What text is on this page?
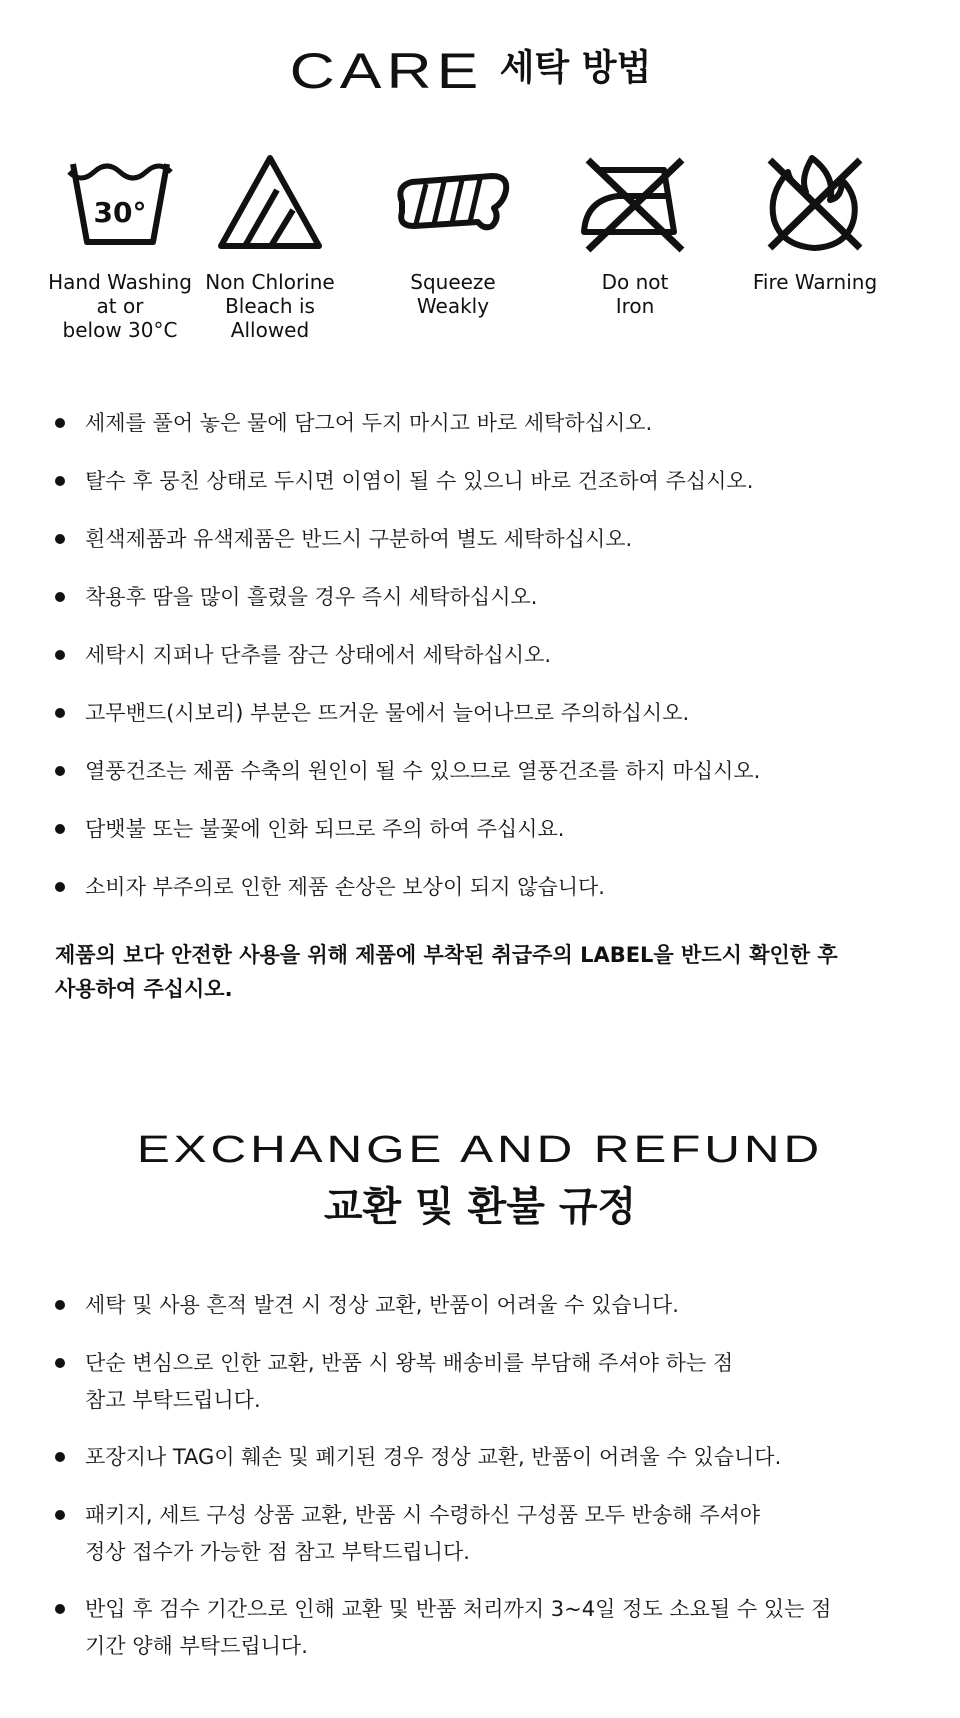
CARE 세탁 방법
30°
Hand Washing
at or
below 30°C
Non Chlorine
Bleach is
Allowed
Squeeze
Weakly
Do not
Iron
Fire Warning
세제를 풀어 놓은 물에 담그어 두지 마시고 바로 세탁하십시오.
탈수 후 뭉친 상태로 두시면 이염이 될 수 있으니 바로 건조하여 주십시오.
흰색제품과 유색제품은 반드시 구분하여 별도 세탁하십시오.
착용후 땀을 많이 흘렸을 경우 즉시 세탁하십시오.
세탁시 지퍼나 단추를 잠근 상태에서 세탁하십시오.
고무밴드(시보리) 부분은 뜨거운 물에서 늘어나므로 주의하십시오.
열풍건조는 제품 수축의 원인이 될 수 있으므로 열풍건조를 하지 마십시오.
담뱃불 또는 불꽃에 인화 되므로 주의 하여 주십시요.
소비자 부주의로 인한 제품 손상은 보상이 되지 않습니다.

제품의 보다 안전한 사용을 위해 제품에 부착된 취급주의 LABEL을 반드시 확인한 후
사용하여 주십시오.

EXCHANGE AND REFUND
교환 및 환불 규정
세탁 및 사용 흔적 발견 시 정상 교환, 반품이 어려울 수 있습니다.
단순 변심으로 인한 교환, 반품 시 왕복 배송비를 부담해 주셔야 하는 점
참고 부탁드립니다.
포장지나 TAG이 훼손 및 폐기된 경우 정상 교환, 반품이 어려울 수 있습니다.
패키지, 세트 구성 상품 교환, 반품 시 수령하신 구성품 모두 반송해 주셔야
정상 접수가 가능한 점 참고 부탁드립니다.
반입 후 검수 기간으로 인해 교환 및 반품 처리까지 3~4일 정도 소요될 수 있는 점
기간 양해 부탁드립니다.
